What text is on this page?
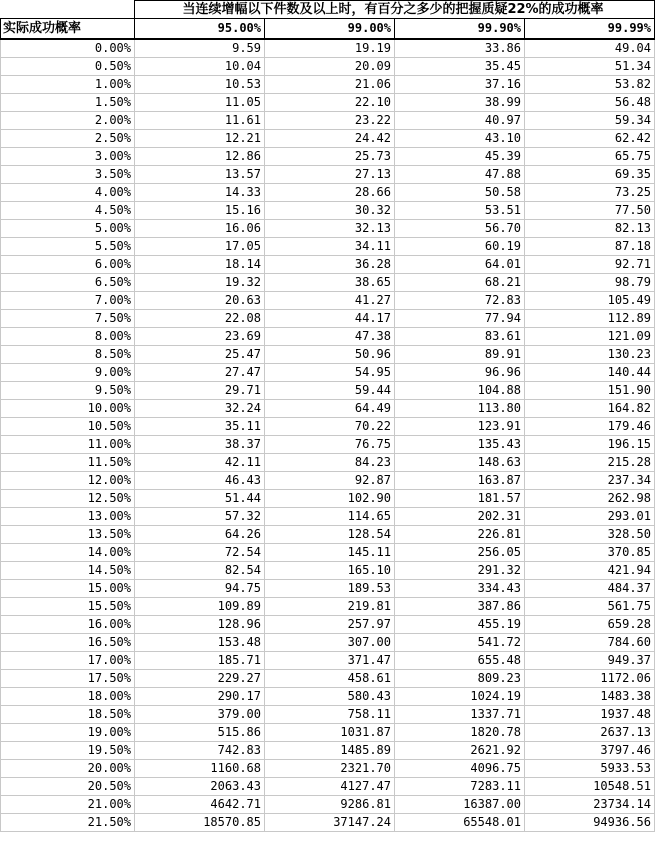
	当连续增幅以下件数及以上时，有百分之多少的把握质疑22%的成功概率			
实际成功概率	95.00%	99.00%	99.90%	99.99%
0.00%	9.59	19.19	33.86	49.04
0.50%	10.04	20.09	35.45	51.34
1.00%	10.53	21.06	37.16	53.82
1.50%	11.05	22.10	38.99	56.48
2.00%	11.61	23.22	40.97	59.34
2.50%	12.21	24.42	43.10	62.42
3.00%	12.86	25.73	45.39	65.75
3.50%	13.57	27.13	47.88	69.35
4.00%	14.33	28.66	50.58	73.25
4.50%	15.16	30.32	53.51	77.50
5.00%	16.06	32.13	56.70	82.13
5.50%	17.05	34.11	60.19	87.18
6.00%	18.14	36.28	64.01	92.71
6.50%	19.32	38.65	68.21	98.79
7.00%	20.63	41.27	72.83	105.49
7.50%	22.08	44.17	77.94	112.89
8.00%	23.69	47.38	83.61	121.09
8.50%	25.47	50.96	89.91	130.23
9.00%	27.47	54.95	96.96	140.44
9.50%	29.71	59.44	104.88	151.90
10.00%	32.24	64.49	113.80	164.82
10.50%	35.11	70.22	123.91	179.46
11.00%	38.37	76.75	135.43	196.15
11.50%	42.11	84.23	148.63	215.28
12.00%	46.43	92.87	163.87	237.34
12.50%	51.44	102.90	181.57	262.98
13.00%	57.32	114.65	202.31	293.01
13.50%	64.26	128.54	226.81	328.50
14.00%	72.54	145.11	256.05	370.85
14.50%	82.54	165.10	291.32	421.94
15.00%	94.75	189.53	334.43	484.37
15.50%	109.89	219.81	387.86	561.75
16.00%	128.96	257.97	455.19	659.28
16.50%	153.48	307.00	541.72	784.60
17.00%	185.71	371.47	655.48	949.37
17.50%	229.27	458.61	809.23	1172.06
18.00%	290.17	580.43	1024.19	1483.38
18.50%	379.00	758.11	1337.71	1937.48
19.00%	515.86	1031.87	1820.78	2637.13
19.50%	742.83	1485.89	2621.92	3797.46
20.00%	1160.68	2321.70	4096.75	5933.53
20.50%	2063.43	4127.47	7283.11	10548.51
21.00%	4642.71	9286.81	16387.00	23734.14
21.50%	18570.85	37147.24	65548.01	94936.56
